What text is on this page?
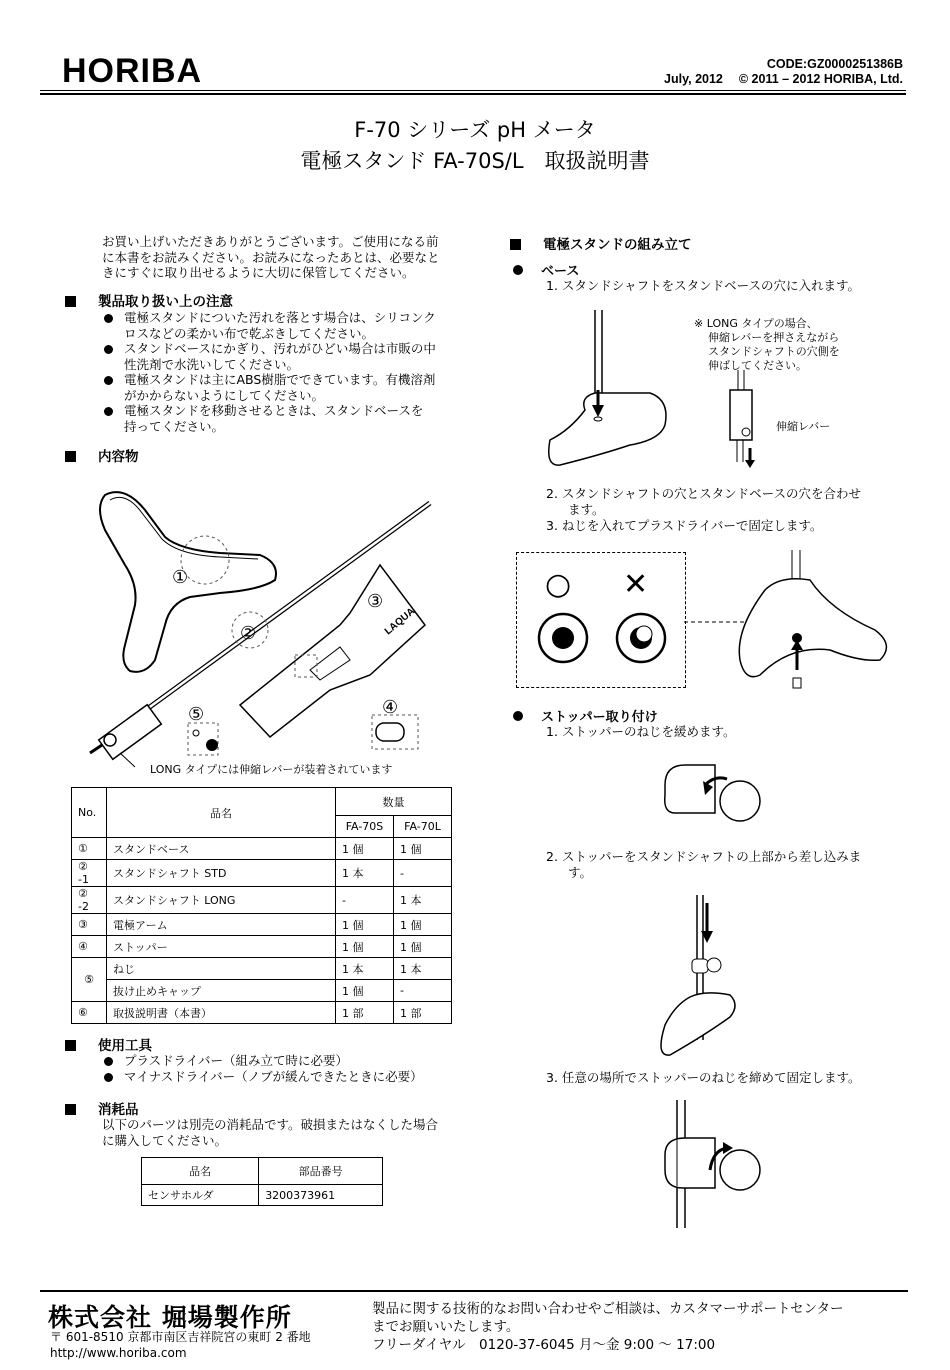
HORIBA	CODE:GZ0000251386B
July, 2012　 © 2011 – 2012 HORIBA, Ltd.
F-70 シリーズ pH メータ
電極スタンド FA-70S/L　取扱説明書
お買い上げいただきありがとうございます。ご使用になる前
に本書をお読みください。お読みになったあとは、必要なと
きにすぐに取り出せるように大切に保管してください。
製品取り扱い上の注意
電極スタンドについた汚れを落とす場合は、シリコンク
ロスなどの柔かい布で乾ぶきしてください。
スタンドベースにかぎり、汚れがひどい場合は市販の中
性洗剤で水洗いしてください。
電極スタンドは主にABS樹脂でできています。有機溶剤
がかからないようにしてください。
電極スタンドを移動させるときは、スタンドベースを
持ってください。
内容物
LAQUA
①
②
③
④
⑤
LONG タイプには伸縮レバーが装着されています
No.	品名	数量	
		FA-70S	FA-70L
①	スタンドベース	1 個	1 個
② -1	スタンドシャフト STD	1 本	-
② -2	スタンドシャフト LONG	-	1 本
③	電極アーム	1 個	1 個
④	ストッパー	1 個	1 個
⑤	ねじ	1 本	1 本
	抜け止めキャップ	1 個	-
⑥	取扱説明書（本書）	1 部	1 部
使用工具
プラスドライバー（組み立て時に必要）
マイナスドライバー（ノブが緩んできたときに必要）
消耗品
以下のパーツは別売の消耗品です。破損またはなくした場合
に購入してください。
品名	部品番号
センサホルダ	3200373961
電極スタンドの組み立て
ベース
1. スタンドシャフトをスタンドベースの穴に入れます。
※ LONG タイプの場合、
伸縮レバーを押さえながら
スタンドシャフトの穴側を
伸ばしてください。
伸縮レバー
2. スタンドシャフトの穴とスタンドベースの穴を合わせ
ます。
3. ねじを入れてプラスドライバーで固定します。
○ ✕
ストッパー取り付け
1. ストッパーのねじを緩めます。
2. ストッパーをスタンドシャフトの上部から差し込みま
す。
3. 任意の場所でストッパーのねじを締めて固定します。
株式会社 堀場製作所
〒 601-8510 京都市南区吉祥院宮の東町 2 番地
http://www.horiba.com
製品に関する技術的なお問い合わせやご相談は、カスタマーサポートセンター
までお願いいたします。
フリーダイヤル　0120-37-6045 月～金 9:00 ～ 17:00
